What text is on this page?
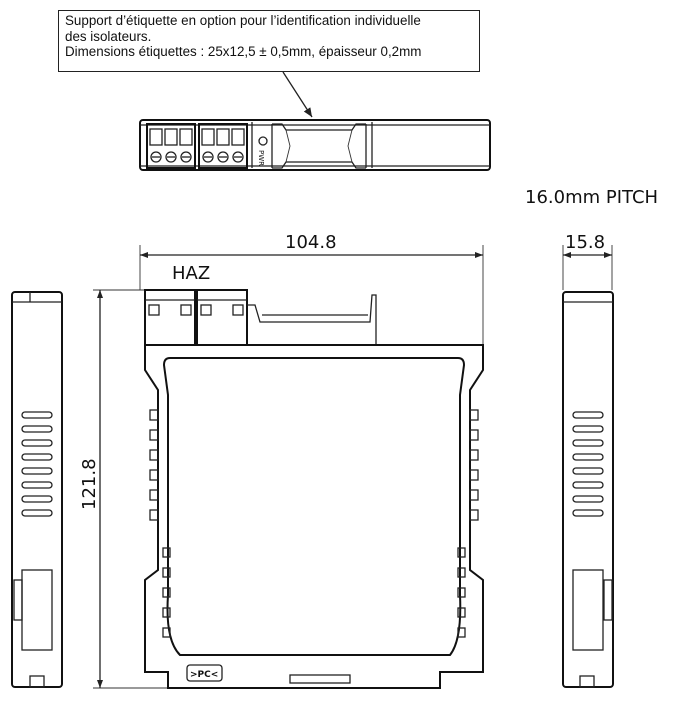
Support d’étiquette en option pour l’identification individuelle
des isolateurs.
Dimensions étiquettes : 25x12,5 ± 0,5mm, épaisseur 0,2mm
PWR
16.0mm PITCH
104.8
121.8
HAZ
>PC<
15.8
